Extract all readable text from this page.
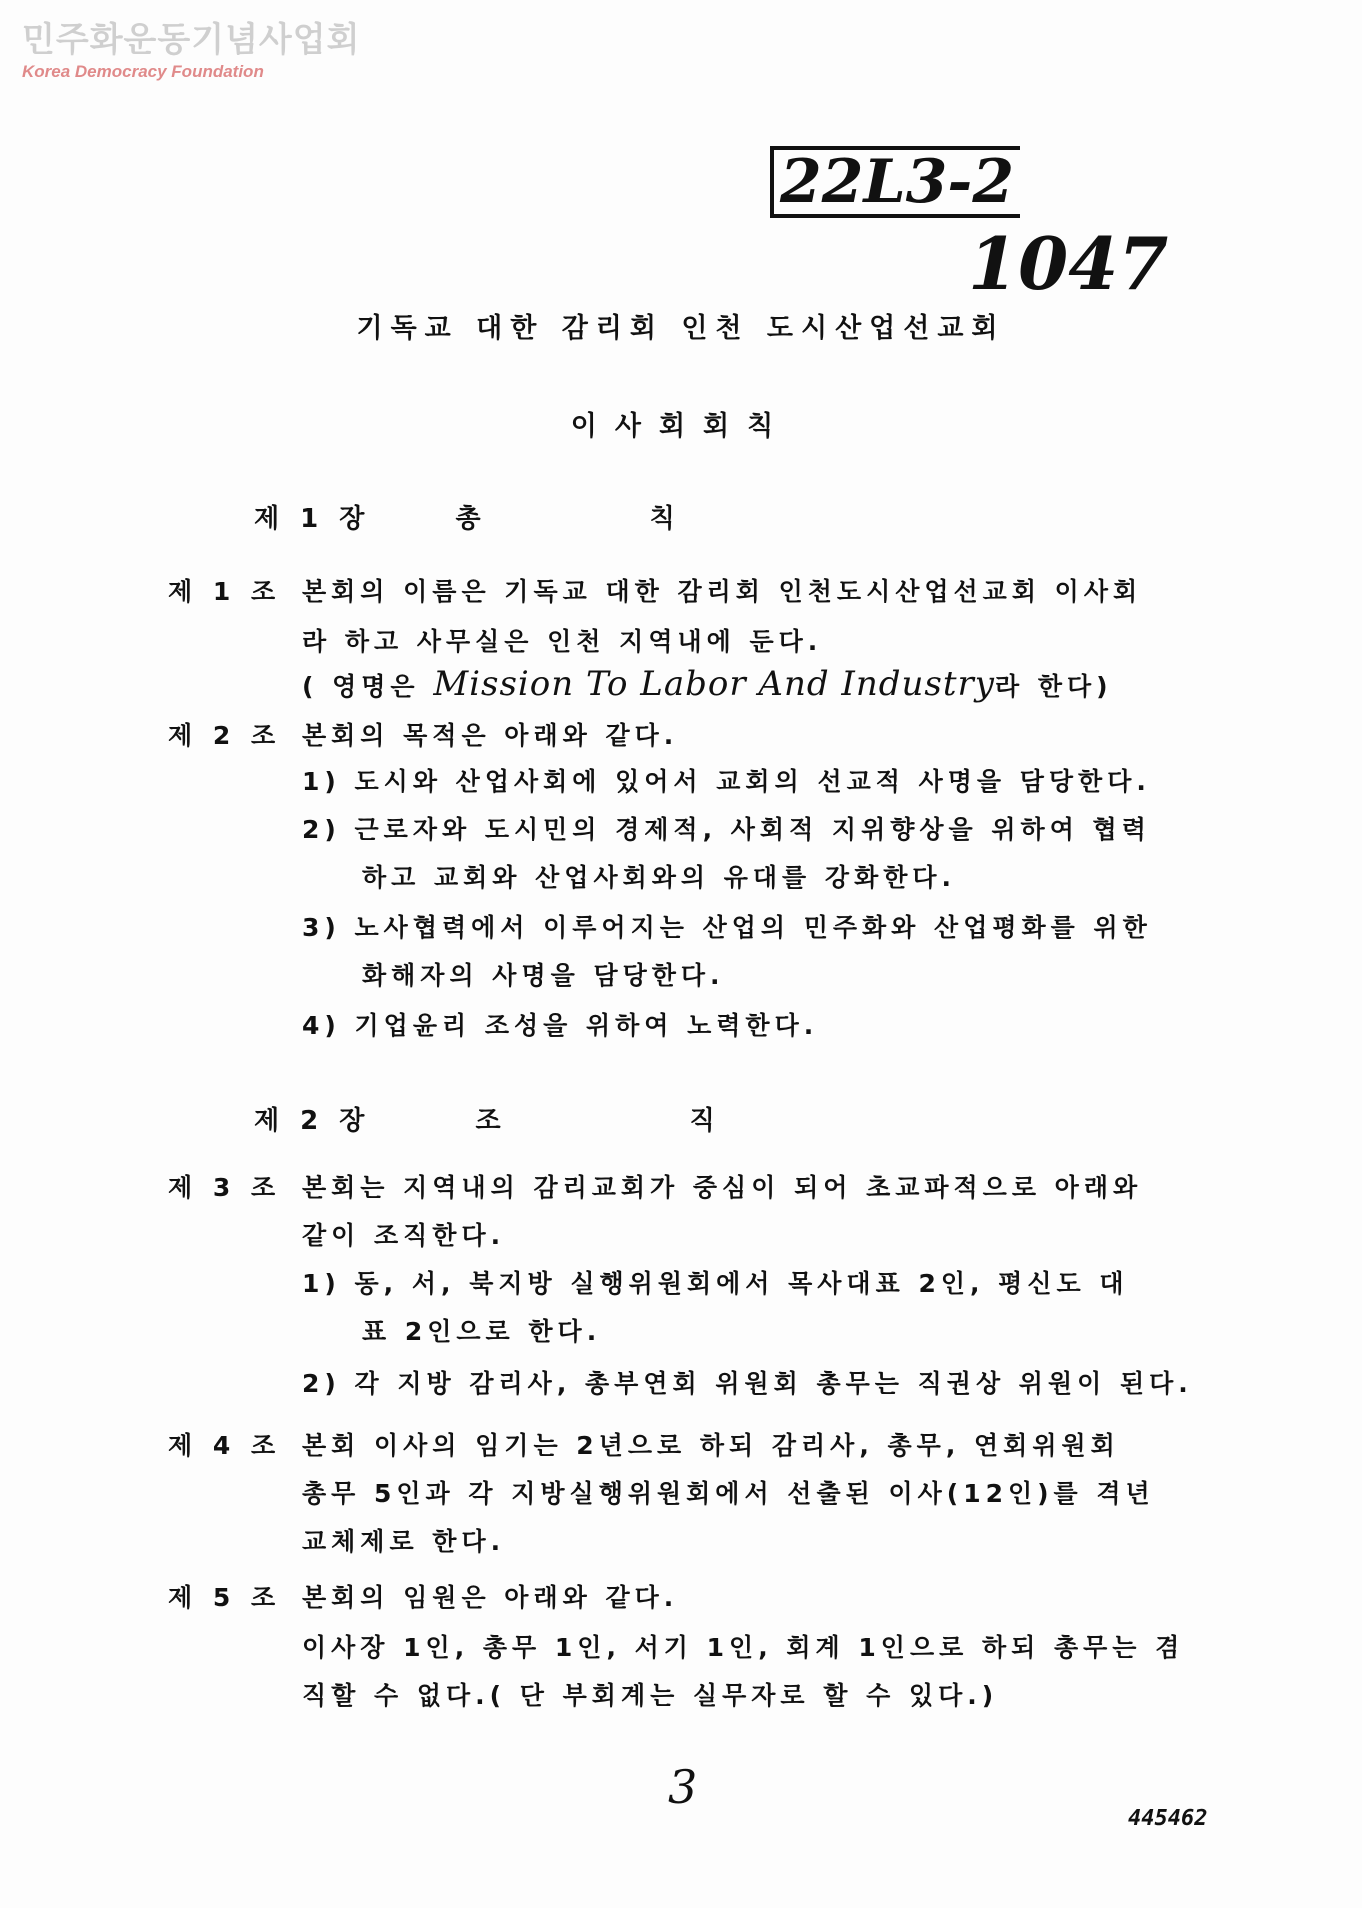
민주화운동기념사업회
Korea Democracy Foundation
22L3-2
1047
기독교 대한 감리회 인천 도시산업선교회
이사회회칙
제 1 장	총 칙
제 1 조 본회의 이름은 기독교 대한 감리회 인천도시산업선교회 이사회
라 하고 사무실은 인천 지역내에 둔다.
( 영명은 Mission To Labor And Industry라 한다)
제 2 조 본회의 목적은 아래와 같다.
1) 도시와 산업사회에 있어서 교회의 선교적 사명을 담당한다.
2) 근로자와 도시민의 경제적, 사회적 지위향상을 위하여 협력
하고 교회와 산업사회와의 유대를 강화한다.
3) 노사협력에서 이루어지는 산업의 민주화와 산업평화를 위한
화해자의 사명을 담당한다.
4) 기업윤리 조성을 위하여 노력한다.
제 2 장	조 직
제 3 조 본회는 지역내의 감리교회가 중심이 되어 초교파적으로 아래와
같이 조직한다.
1) 동, 서, 북지방 실행위원회에서 목사대표 2인, 평신도 대
표 2인으로 한다.
2) 각 지방 감리사, 총부연회 위원회 총무는 직권상 위원이 된다.
제 4 조 본회 이사의 임기는 2년으로 하되 감리사, 총무, 연회위원회
총무 5인과 각 지방실행위원회에서 선출된 이사(12인)를 격년
교체제로 한다.
제 5 조 본회의 임원은 아래와 같다.
이사장 1인, 총무 1인, 서기 1인, 회계 1인으로 하되 총무는 겸
직할 수 없다.( 단 부회계는 실무자로 할 수 있다.)
3
445462
